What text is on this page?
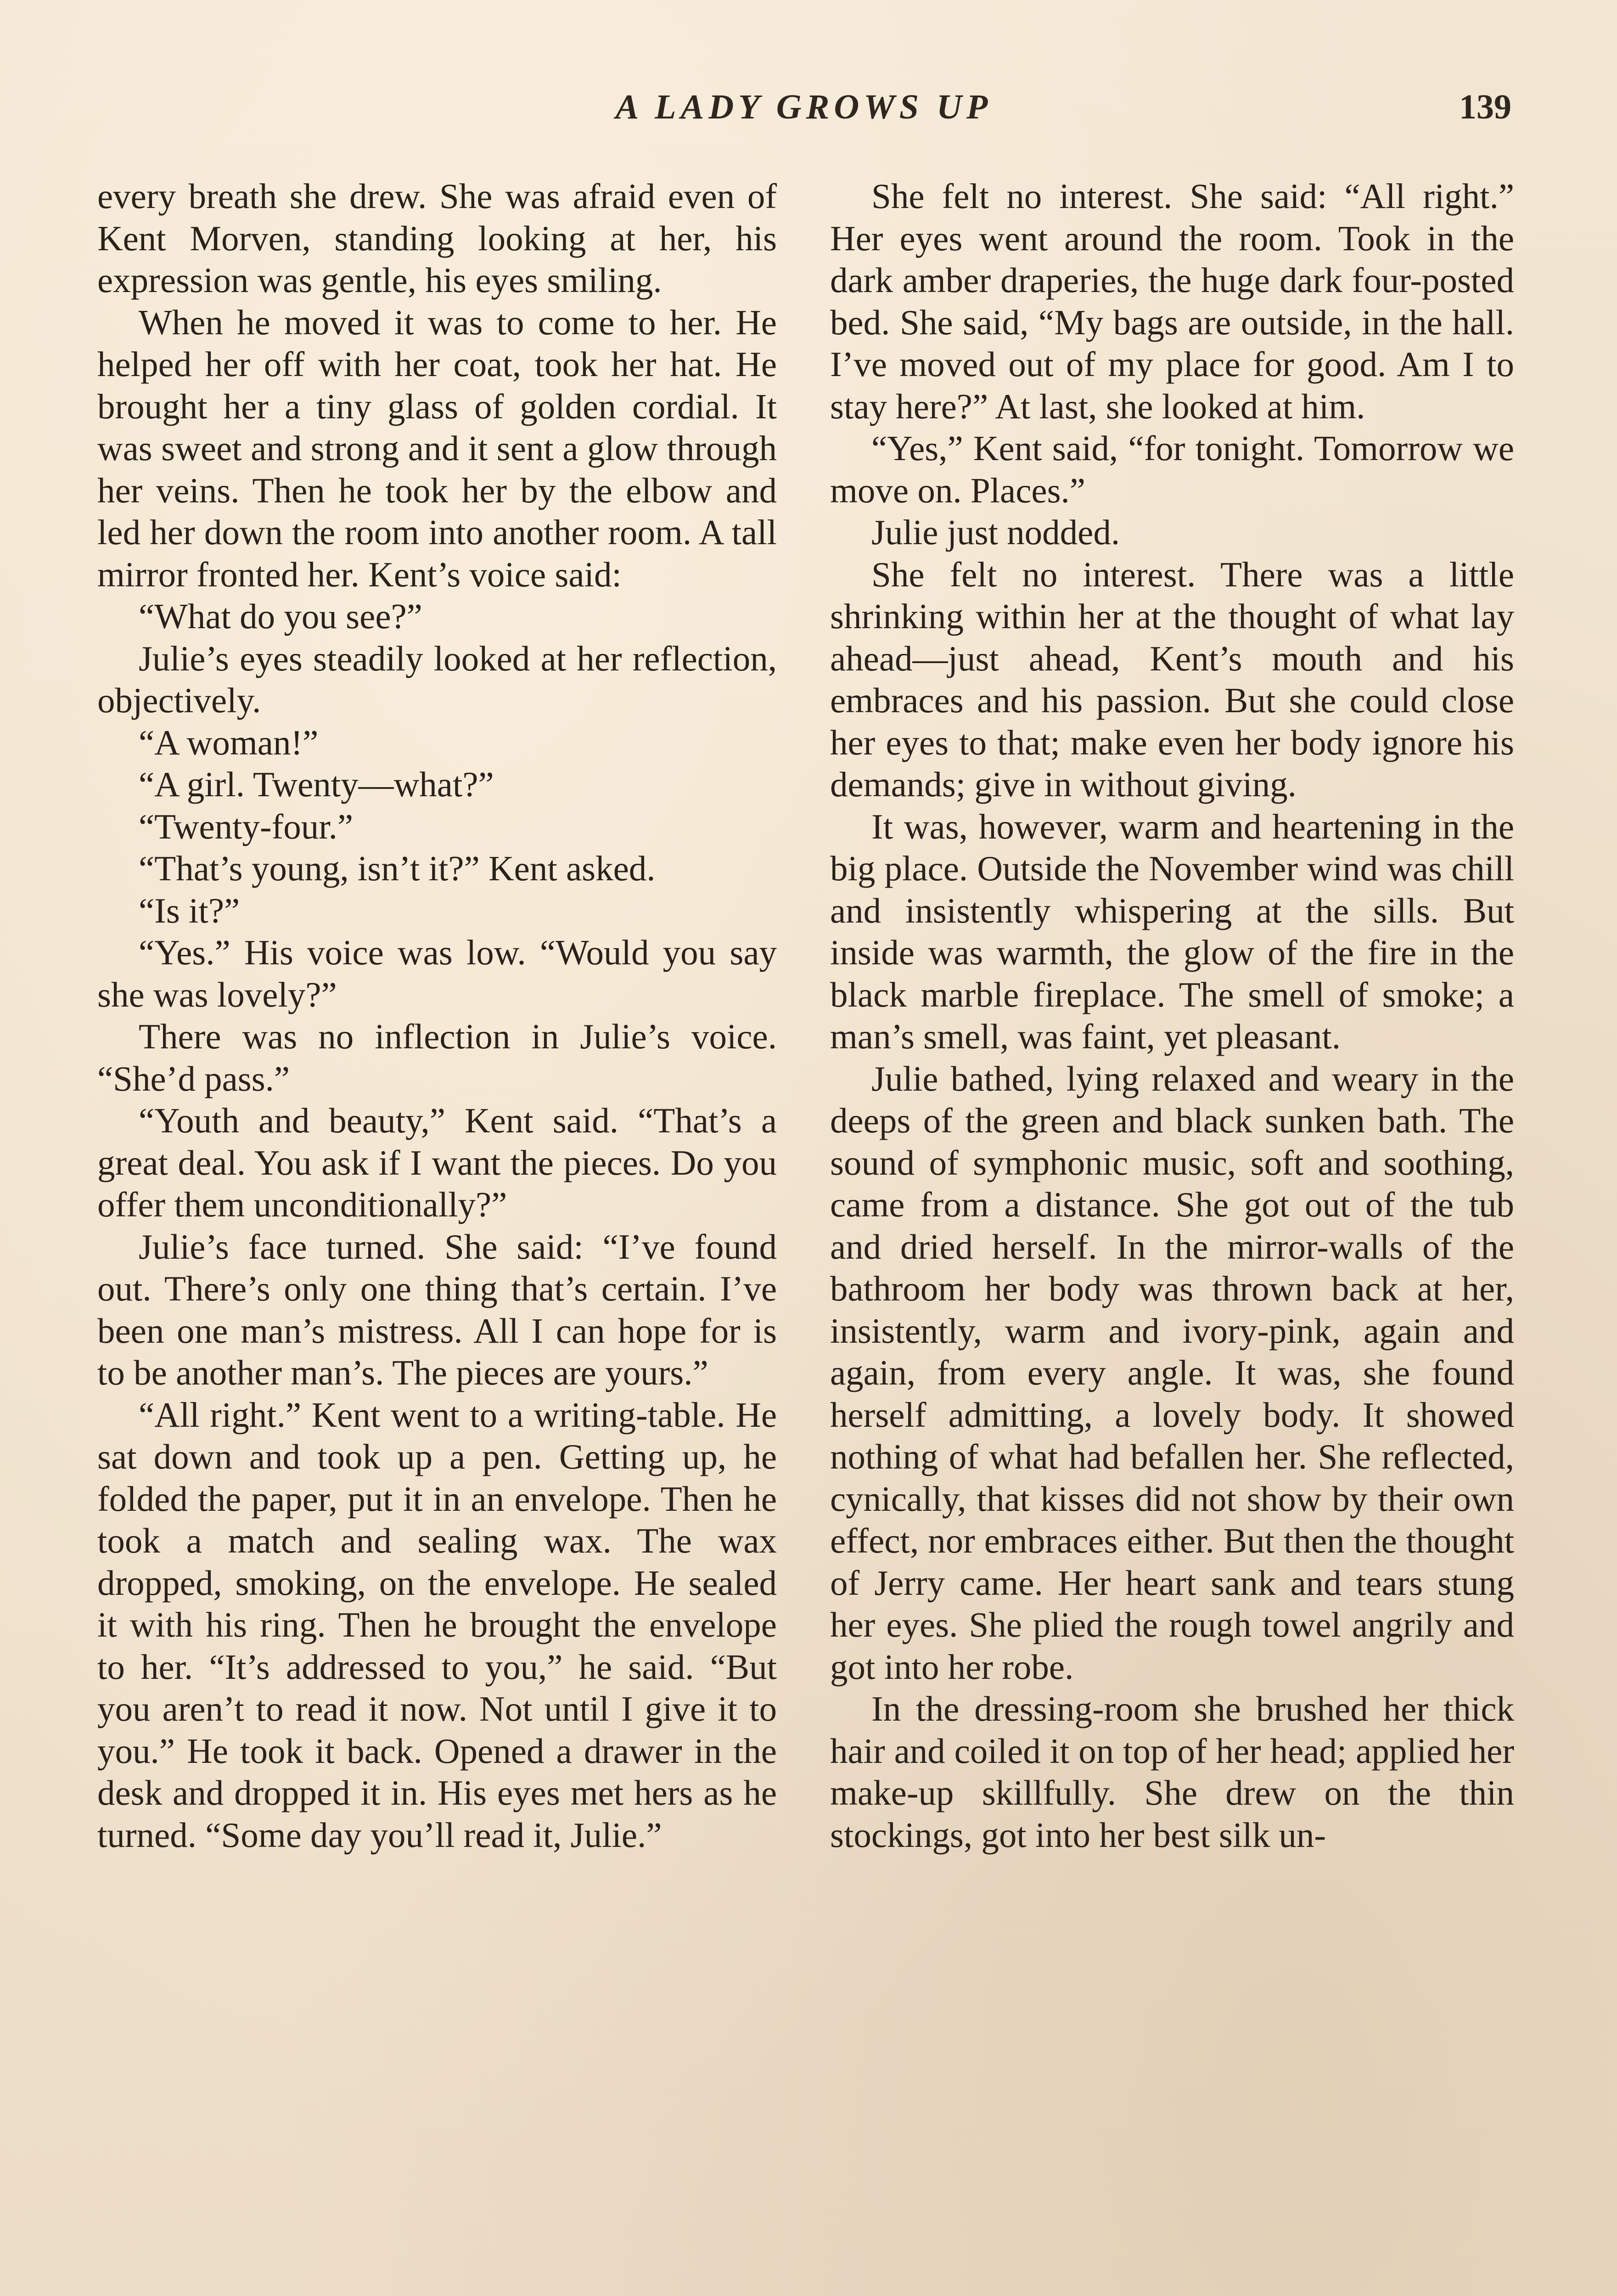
A LADY GROWS UP	139

every breath she drew. She was afraid even of Kent Morven, standing looking at her, his expression was gentle, his eyes smiling.

When he moved it was to come to her. He helped her off with her coat, took her hat. He brought her a tiny glass of golden cordial. It was sweet and strong and it sent a glow through her veins. Then he took her by the elbow and led her down the room into another room. A tall mirror fronted her. Kent’s voice said:

“What do you see?”

Julie’s eyes steadily looked at her reflection, objectively.

“A woman!”

“A girl. Twenty—what?”

“Twenty-four.”

“That’s young, isn’t it?” Kent asked.

“Is it?”

“Yes.” His voice was low. “Would you say she was lovely?”

There was no inflection in Julie’s voice. “She’d pass.”

“Youth and beauty,” Kent said. “That’s a great deal. You ask if I want the pieces. Do you offer them unconditionally?”

Julie’s face turned. She said: “I’ve found out. There’s only one thing that’s certain. I’ve been one man’s mistress. All I can hope for is to be another man’s. The pieces are yours.”

“All right.” Kent went to a writing-table. He sat down and took up a pen. Getting up, he folded the paper, put it in an envelope. Then he took a match and sealing wax. The wax dropped, smoking, on the envelope. He sealed it with his ring. Then he brought the envelope to her. “It’s addressed to you,” he said. “But you aren’t to read it now. Not until I give it to you.” He took it back. Opened a drawer in the desk and dropped it in. His eyes met hers as he turned. “Some day you’ll read it, Julie.”

She felt no interest. She said: “All right.” Her eyes went around the room. Took in the dark amber draperies, the huge dark four-posted bed. She said, “My bags are outside, in the hall. I’ve moved out of my place for good. Am I to stay here?” At last, she looked at him.

“Yes,” Kent said, “for tonight. Tomorrow we move on. Places.”

Julie just nodded.

She felt no interest. There was a little shrinking within her at the thought of what lay ahead—just ahead, Kent’s mouth and his embraces and his passion. But she could close her eyes to that; make even her body ignore his demands; give in without giving.

It was, however, warm and heartening in the big place. Outside the November wind was chill and insistently whispering at the sills. But inside was warmth, the glow of the fire in the black marble fireplace. The smell of smoke; a man’s smell, was faint, yet pleasant.

Julie bathed, lying relaxed and weary in the deeps of the green and black sunken bath. The sound of symphonic music, soft and soothing, came from a distance. She got out of the tub and dried herself. In the mirror-walls of the bathroom her body was thrown back at her, insistently, warm and ivory-pink, again and again, from every angle. It was, she found herself admitting, a lovely body. It showed nothing of what had befallen her. She reflected, cynically, that kisses did not show by their own effect, nor embraces either. But then the thought of Jerry came. Her heart sank and tears stung her eyes. She plied the rough towel angrily and got into her robe.

In the dressing-room she brushed her thick hair and coiled it on top of her head; applied her make-up skillfully. She drew on the thin stockings, got into her best silk un-
